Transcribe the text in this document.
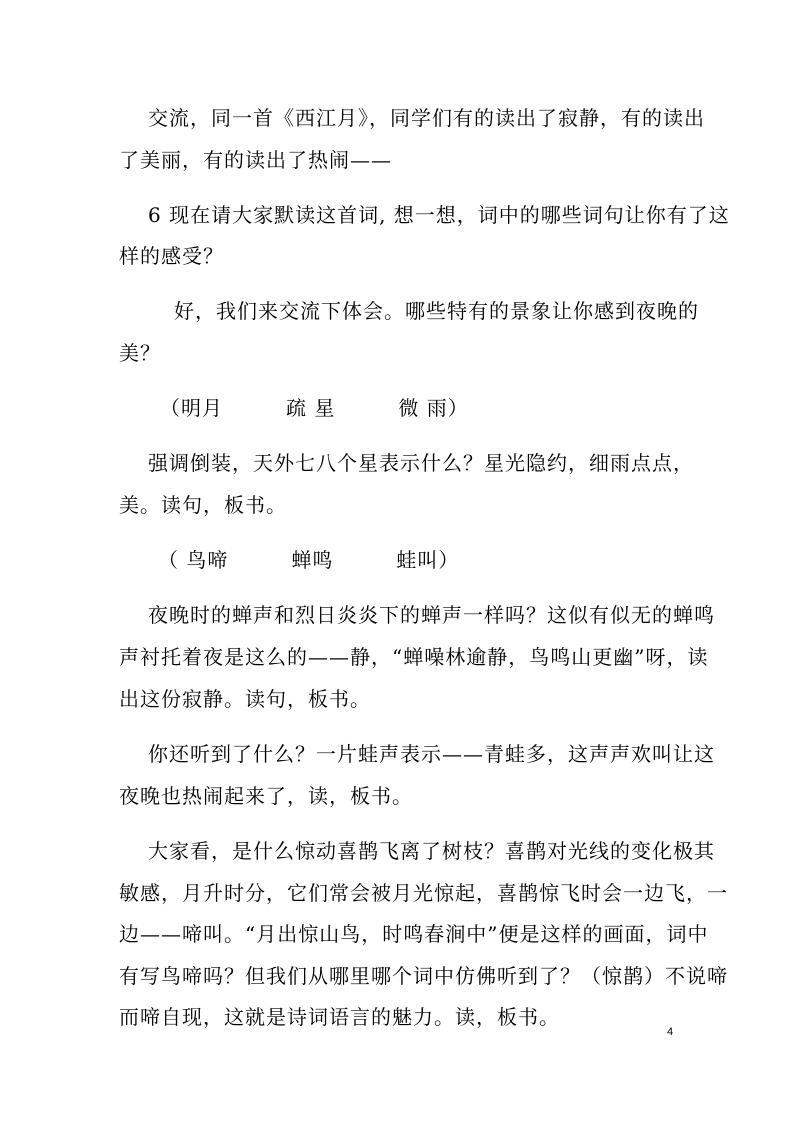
交流，同一首《西江月》，同学们有的读出了寂静，有的读出
了美丽，有的读出了热闹——
6 现在请大家默读这首词, 想一想，词中的哪些词句让你有了这
样的感受？
好，我们来交流下体会。哪些特有的景象让你感到夜晚的
美？
（明月　　　疏 星　　　微 雨）
强调倒装，天外七八个星表示什么？星光隐约，细雨点点，
美。读句，板书。
（ 鸟啼　　　蝉鸣　　　蛙叫）
夜晚时的蝉声和烈日炎炎下的蝉声一样吗？这似有似无的蝉鸣
声衬托着夜是这么的——静，“蝉噪林逾静，鸟鸣山更幽”呀，读
出这份寂静。读句，板书。
你还听到了什么？一片蛙声表示——青蛙多，这声声欢叫让这
夜晚也热闹起来了，读，板书。
大家看，是什么惊动喜鹊飞离了树枝？喜鹊对光线的变化极其
敏感，月升时分，它们常会被月光惊起，喜鹊惊飞时会一边飞，一
边——啼叫。“月出惊山鸟，时鸣春涧中”便是这样的画面，词中
有写鸟啼吗？但我们从哪里哪个词中仿佛听到了？（惊鹊）不说啼
而啼自现，这就是诗词语言的魅力。读，板书。
4
